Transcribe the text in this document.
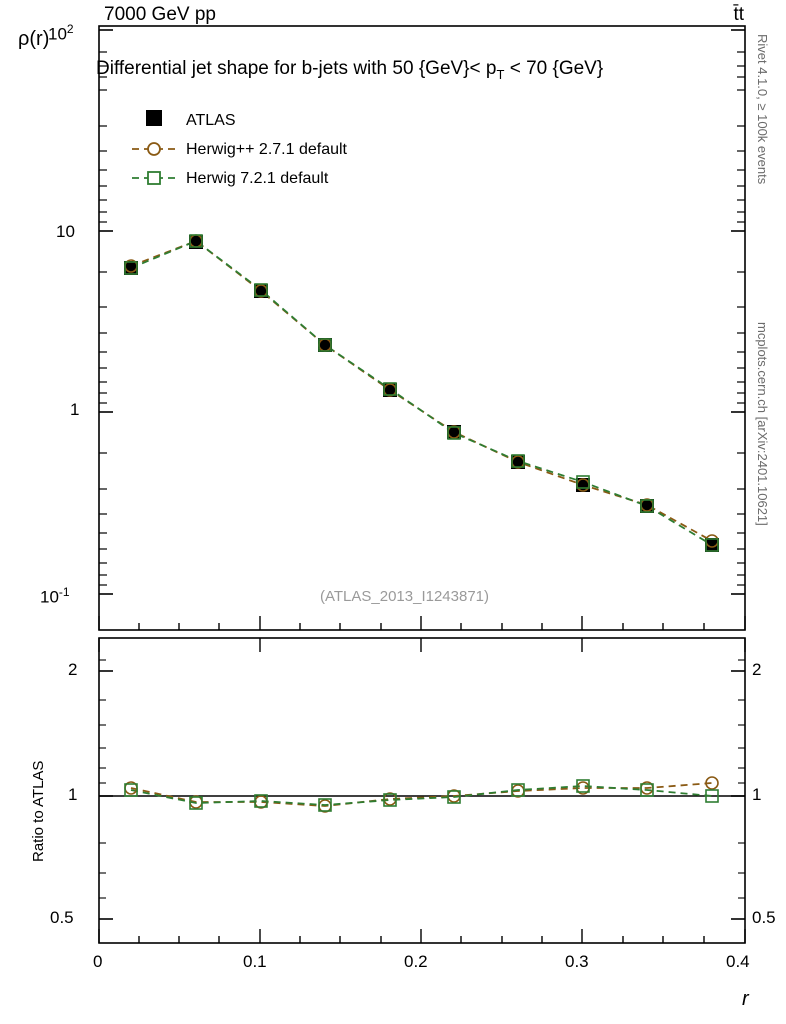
7000 GeV pp	t̄t
Rivet 4.1.0, ≥ 100k events
mcplots.cern.ch [arXiv:2401.10621]
ρ(r)
Ratio to ATLAS
r
Differential jet shape for b-jets with 50 $\{GeV\}< p_T < 70$ {GeV}
(ATLAS_2013_I1243871)
ATLAS
Herwig++ 2.7.1 default
Herwig 7.2.1 default
$10^2$
10
1
$10^{-1}$
2
1
0.5
2
1
0.5
0	0.1	0.2	0.3	0.4
